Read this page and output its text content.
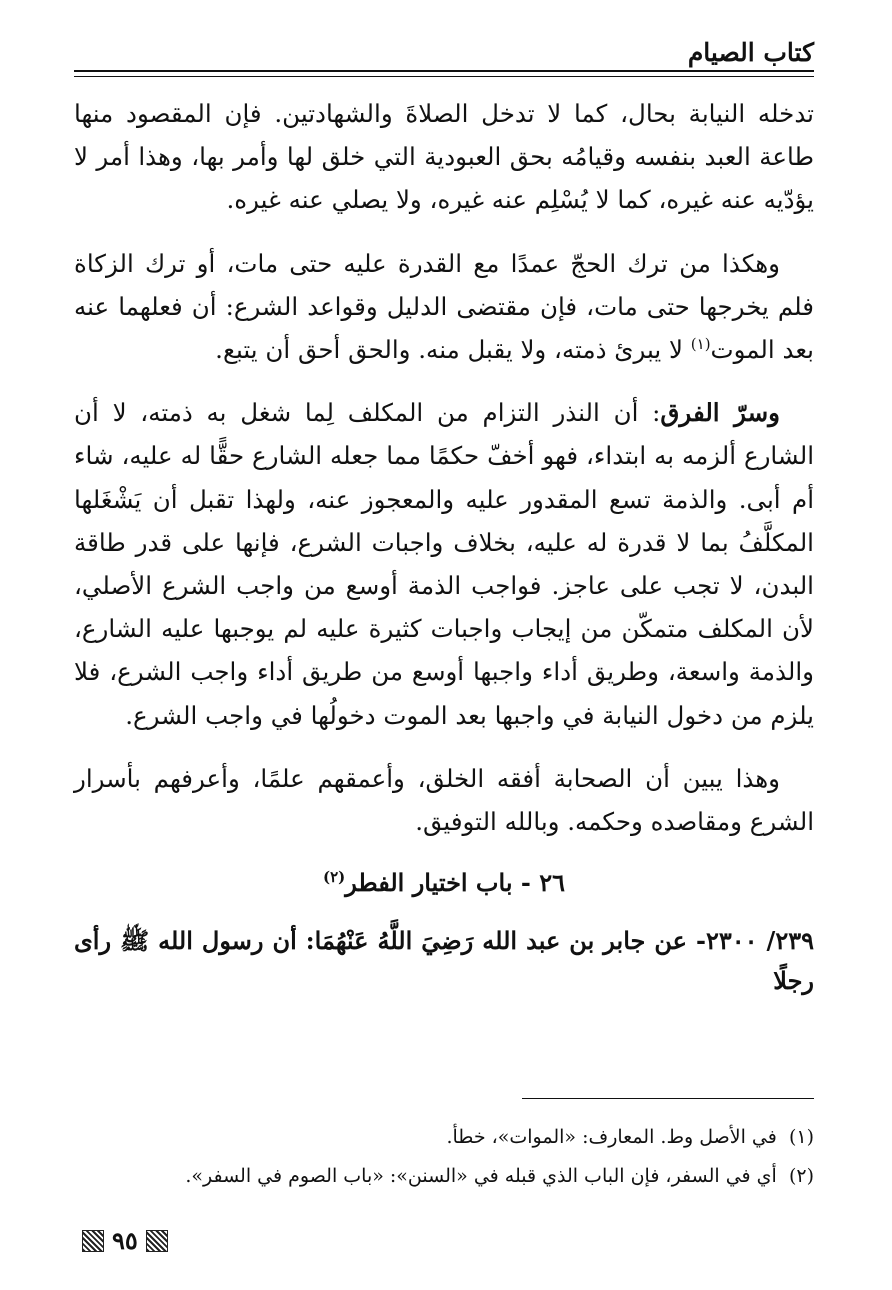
كتاب الصيام

تدخله النيابة بحال، كما لا تدخل الصلاةَ والشهادتين. فإن المقصود منها طاعة العبد بنفسه وقيامُه بحق العبودية التي خلق لها وأمر بها، وهذا أمر لا يؤدّيه عنه غيره، كما لا يُسْلِم عنه غيره، ولا يصلي عنه غيره.

وهكذا من ترك الحجّ عمدًا مع القدرة عليه حتى مات، أو ترك الزكاة فلم يخرجها حتى مات، فإن مقتضى الدليل وقواعد الشرع: أن فعلهما عنه بعد الموت$^{(١)}$ لا يبرئ ذمته، ولا يقبل منه. والحق أحق أن يتبع.

وسرّ الفرق: أن النذر التزام من المكلف لِما شغل به ذمته، لا أن الشارع ألزمه به ابتداء، فهو أخفّ حكمًا مما جعله الشارع حقًّا له عليه، شاء أم أبى. والذمة تسع المقدور عليه والمعجوز عنه، ولهذا تقبل أن يَشْغَلها المكلَّفُ بما لا قدرة له عليه، بخلاف واجبات الشرع، فإنها على قدر طاقة البدن، لا تجب على عاجز. فواجب الذمة أوسع من واجب الشرع الأصلي، لأن المكلف متمكّن من إيجاب واجبات كثيرة عليه لم يوجبها عليه الشارع، والذمة واسعة، وطريق أداء واجبها أوسع من طريق أداء واجب الشرع، فلا يلزم من دخول النيابة في واجبها بعد الموت دخولُها في واجب الشرع.

وهذا يبين أن الصحابة أفقه الخلق، وأعمقهم علمًا، وأعرفهم بأسرار الشرع ومقاصده وحكمه. وبالله التوفيق.

٢٦ - باب اختيار الفطر$^{(٢)}$

٢٣٩/ ٢٣٠٠- عن جابر بن عبد الله رَضِيَ اللَّهُ عَنْهُمَا: أن رسول الله ﷺ رأى رجلًا

(١)  في الأصل وط. المعارف: «الموات»، خطأ.

(٢)  أي في السفر، فإن الباب الذي قبله في «السنن»: «باب الصوم في السفر».

٩٥
